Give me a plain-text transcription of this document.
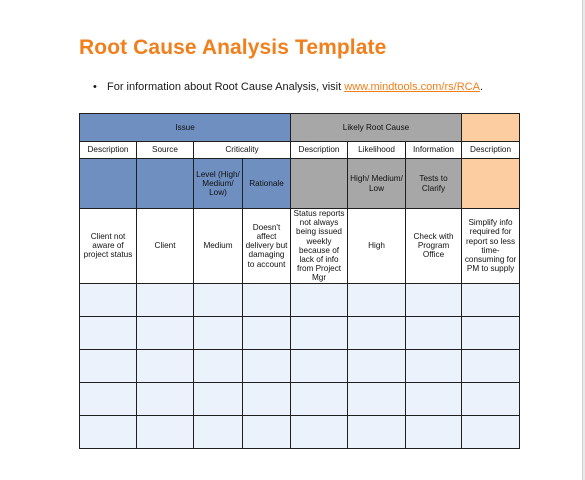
Root Cause Analysis Template
• For information about Root Cause Analysis, visit www.mindtools.com/rs/RCA.
Issue				Likely Root Cause			
Description	Source	Criticality		Description	Likelihood	Information	Description
		Level (High/ Medium/ Low)	Rationale		High/ Medium/ Low	Tests to Clarify	
Client not aware of project status	Client	Medium	Doesn't affect delivery but damaging to account	Status reports not always being issued weekly because of lack of info from Project Mgr	High	Check with Program Office	Simplify info required for report so less time-consuming for PM to supply
